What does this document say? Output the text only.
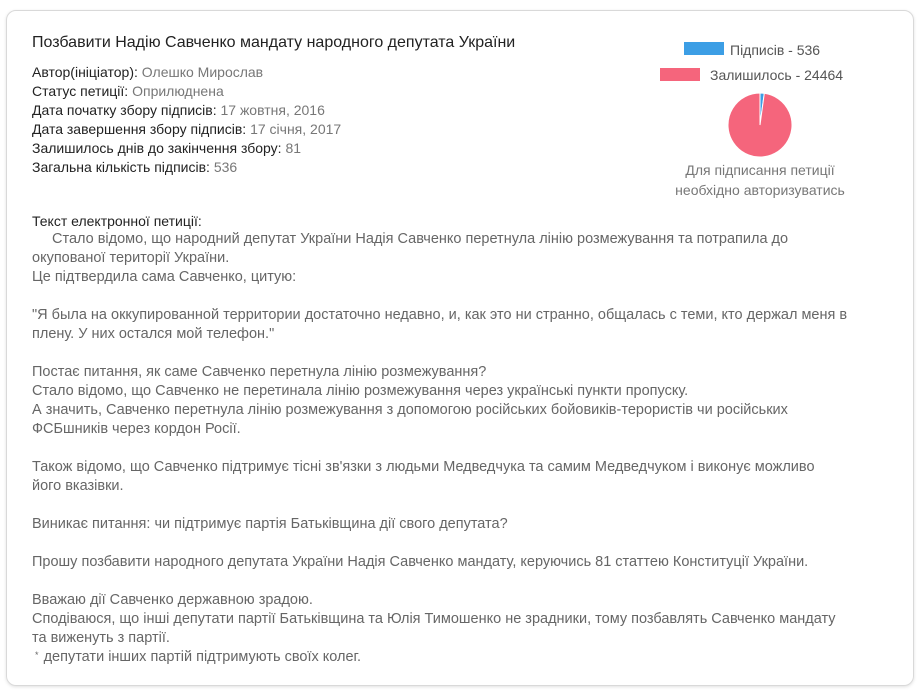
Позбавити Надію Савченко мандату народного депутата України
Автор(ініціатор): Олешко Мирослав
Статус петиції: Оприлюднена
Дата початку збору підписів: 17 жовтня, 2016
Дата завершення збору підписів: 17 січня, 2017
Залишилось днів до закінчення збору: 81
Загальна кількість підписів: 536
Підписів - 536
Залишилось - 24464
Для підписання петиції
необхідно авторизуватись
Текст електронної петиції:

Стало відомо, що народний депутат України Надія Савченко перетнула лінію розмежування та потрапила до

окупованої території України.

Це підтвердила сама Савченко, цитую:

"Я была на оккупированной территории достаточно недавно, и, как это ни странно, общалась с теми, кто держал меня в

плену. У них остался мой телефон."

Постає питання, як саме Савченко перетнула лінію розмежування?

Стало відомо, що Савченко не перетинала лінію розмежування через українські пункти пропуску.

А значить, Савченко перетнула лінію розмежування з допомогою російських бойовиків-терористів чи російських

ФСБшників через кордон Росії.

Також відомо, що Савченко підтримує тісні зв'язки з людьми Медведчука та самим Медведчуком і виконує можливо

його вказівки.

Виникає питання: чи підтримує партія Батьківщина дії свого депутата?

Прошу позбавити народного депутата України Надія Савченко мандату, керуючись 81 статтею Конституції України.

Вважаю дії Савченко державною зрадою.

Сподіваюся, що інші депутати партії Батьківщина та Юлія Тимошенко не зрадники, тому позбавлять Савченко мандату

та виженуть з партії.

* депутати інших партій підтримують своїх колег.
